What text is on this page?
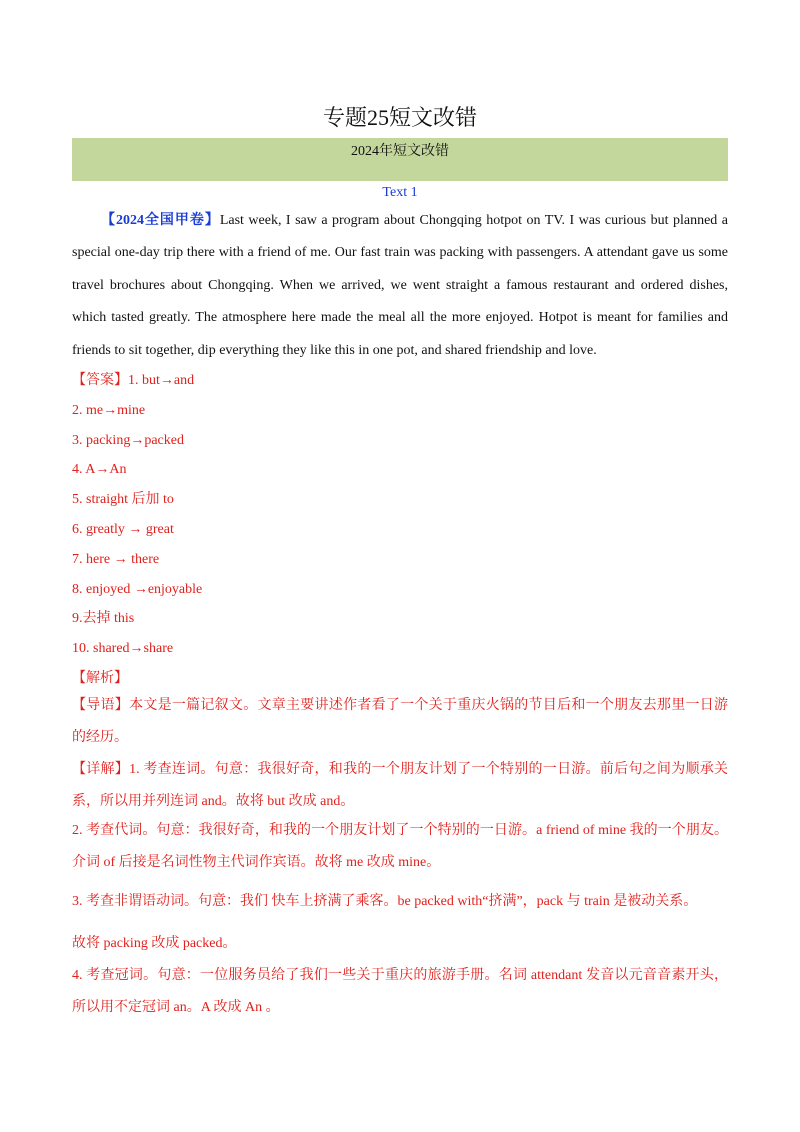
专题25短文改错
2024年短文改错
Text 1
【2024全国甲卷】Last week, I saw a program about Chongqing hotpot on TV. I was curious but planned a special one-day trip there with a friend of me. Our fast train was packing with passengers. A attendant gave us some travel brochures about Chongqing. When we arrived, we went straight a famous restaurant and ordered dishes, which tasted greatly. The atmosphere here made the meal all the more enjoyed. Hotpot is meant for families and friends to sit together, dip everything they like this in one pot, and shared friendship and love.
【答案】1. but→and
2. me→mine
3. packing→packed
4. A→An
5. straight 后加 to
6. greatly → great
7. here → there
8. enjoyed →enjoyable
9.去掉 this
10. shared→share
【解析】
【导语】本文是一篇记叙文。文章主要讲述作者看了一个关于重庆火锅的节目后和一个朋友去那里一日游的经历。
【详解】1. 考查连词。句意：我很好奇，和我的一个朋友计划了一个特别的一日游。前后句之间为顺承关系，所以用并列连词 and。故将 but 改成 and。
2. 考查代词。句意：我很好奇，和我的一个朋友计划了一个特别的一日游。a friend of mine 我的一个朋友。介词 of 后接是名词性物主代词作宾语。故将 me 改成 mine。
3. 考查非谓语动词。句意：我们 快车上挤满了乘客。be packed with“挤满”，pack 与 train 是被动关系。
故将 packing 改成 packed。
4. 考查冠词。句意：一位服务员给了我们一些关于重庆的旅游手册。名词 attendant 发音以元音音素开头，所以用不定冠词 an。A 改成 An 。
